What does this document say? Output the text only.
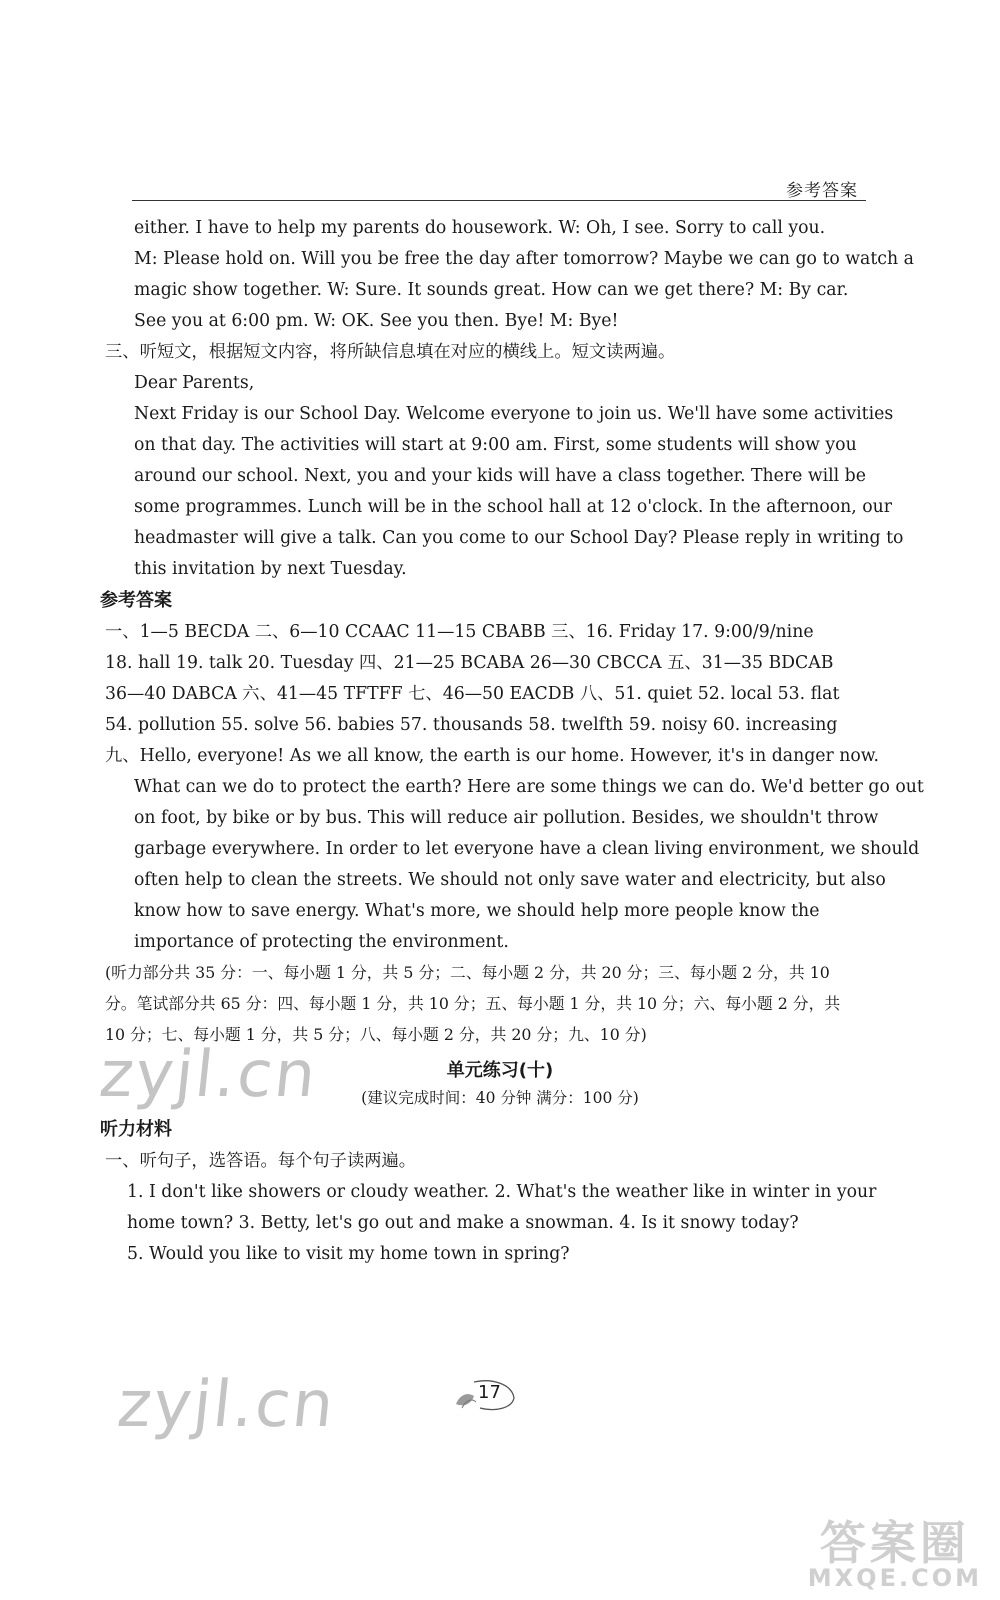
参考答案
either. I have to help my parents do housework. W: Oh, I see. Sorry to call you.
M: Please hold on. Will you be free the day after tomorrow? Maybe we can go to watch a
magic show together. W: Sure. It sounds great. How can we get there? M: By car.
See you at 6:00 pm. W: OK. See you then. Bye! M: Bye!
三、听短文，根据短文内容，将所缺信息填在对应的横线上。短文读两遍。
Dear Parents,
Next Friday is our School Day. Welcome everyone to join us. We'll have some activities
on that day. The activities will start at 9:00 am. First, some students will show you
around our school. Next, you and your kids will have a class together. There will be
some programmes. Lunch will be in the school hall at 12 o'clock. In the afternoon, our
headmaster will give a talk. Can you come to our School Day? Please reply in writing to
this invitation by next Tuesday.
参考答案
一、1—5 BECDA 二、6—10 CCAAC 11—15 CBABB 三、16. Friday 17. 9:00/9/nine
18. hall 19. talk 20. Tuesday 四、21—25 BCABA 26—30 CBCCA 五、31—35 BDCAB
36—40 DABCA 六、41—45 TFTFF 七、46—50 EACDB 八、51. quiet 52. local 53. flat
54. pollution 55. solve 56. babies 57. thousands 58. twelfth 59. noisy 60. increasing
九、Hello, everyone! As we all know, the earth is our home. However, it's in danger now.
What can we do to protect the earth? Here are some things we can do. We'd better go out
on foot, by bike or by bus. This will reduce air pollution. Besides, we shouldn't throw
garbage everywhere. In order to let everyone have a clean living environment, we should
often help to clean the streets. We should not only save water and electricity, but also
know how to save energy. What's more, we should help more people know the
importance of protecting the environment.
(听力部分共 35 分：一、每小题 1 分，共 5 分；二、每小题 2 分，共 20 分；三、每小题 2 分，共 10
分。笔试部分共 65 分：四、每小题 1 分，共 10 分；五、每小题 1 分，共 10 分；六、每小题 2 分，共
10 分；七、每小题 1 分，共 5 分；八、每小题 2 分，共 20 分；九、10 分)
zyjl.cn	单元练习(十)
(建议完成时间：40 分钟 满分：100 分)
听力材料
一、听句子，选答语。每个句子读两遍。
1. I don't like showers or cloudy weather. 2. What's the weather like in winter in your
home town? 3. Betty, let's go out and make a snowman. 4. Is it snowy today?
5. Would you like to visit my home town in spring?
17
zyjl.cn
答案圈
MXQE.COM
